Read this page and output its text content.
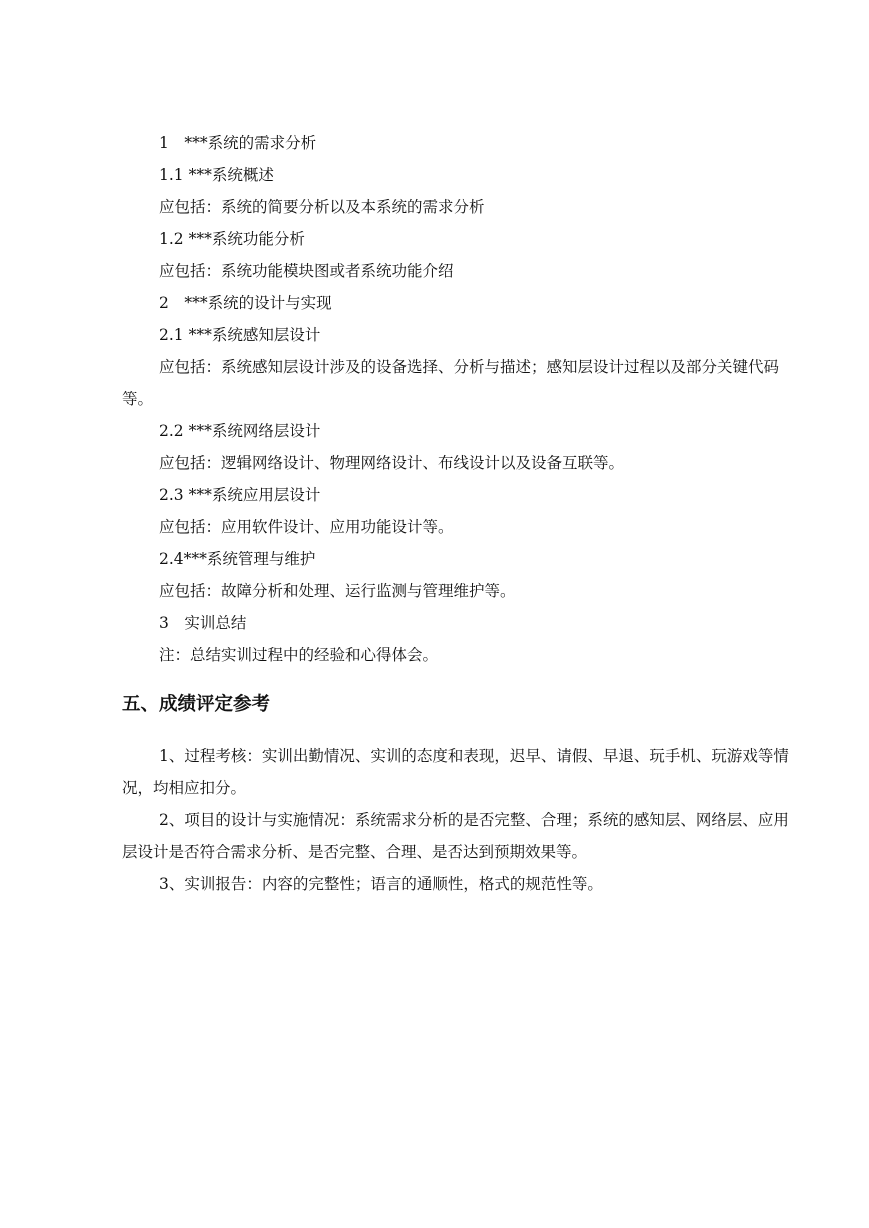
1　***系统的需求分析
1.1 ***系统概述
应包括：系统的简要分析以及本系统的需求分析
1.2 ***系统功能分析
应包括：系统功能模块图或者系统功能介绍
2　***系统的设计与实现
2.1 ***系统感知层设计
应包括：系统感知层设计涉及的设备选择、分析与描述；感知层设计过程以及部分关键代码等。
2.2 ***系统网络层设计
应包括：逻辑网络设计、物理网络设计、布线设计以及设备互联等。
2.3 ***系统应用层设计
应包括：应用软件设计、应用功能设计等。
2.4***系统管理与维护
应包括：故障分析和处理、运行监测与管理维护等。
3　实训总结
注：总结实训过程中的经验和心得体会。
五、成绩评定参考
1、过程考核：实训出勤情况、实训的态度和表现，迟早、请假、早退、玩手机、玩游戏等情况，均相应扣分。
2、项目的设计与实施情况：系统需求分析的是否完整、合理；系统的感知层、网络层、应用层设计是否符合需求分析、是否完整、合理、是否达到预期效果等。
3、实训报告：内容的完整性；语言的通顺性，格式的规范性等。
